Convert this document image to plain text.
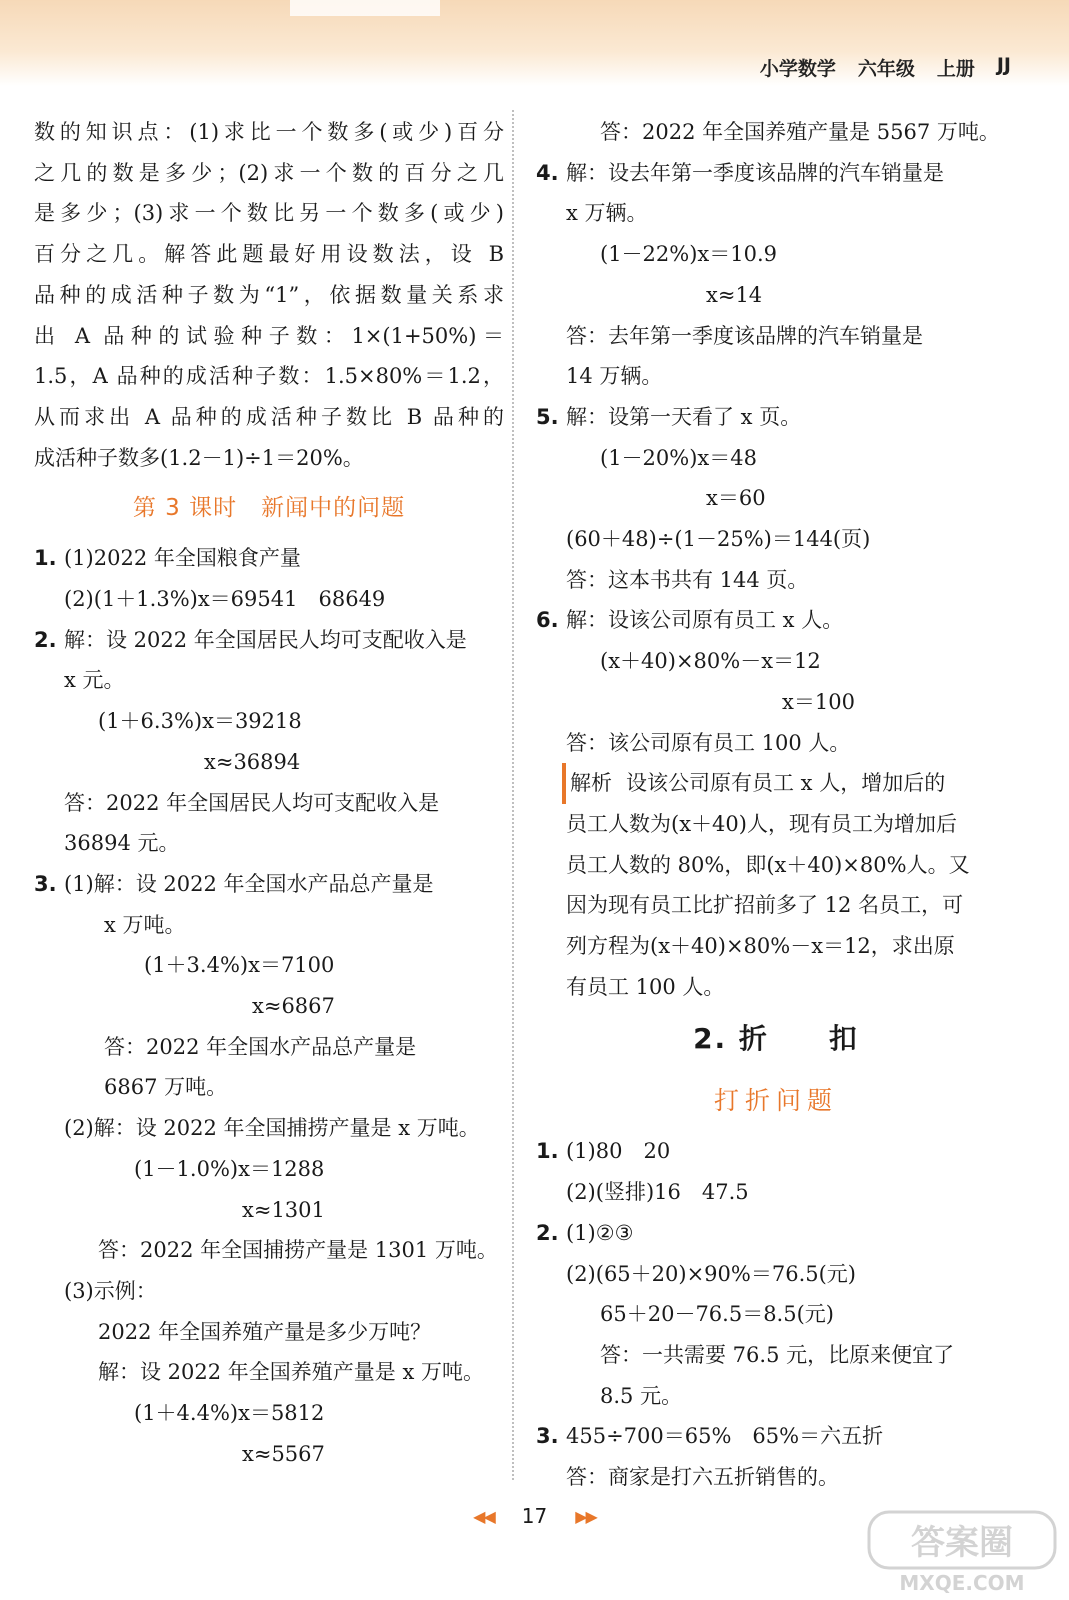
小学数学 六年级 上册 JJ
数的知识点：(1)求比一个数多(或少)百分
之几的数是多少；(2)求一个数的百分之几
是多少；(3)求一个数比另一个数多(或少)
百分之几。解答此题最好用设数法，设 B
品种的成活种子数为“1”，依据数量关系求
出 A 品种的试验种子数：1×(1+50%)＝
1.5，A 品种的成活种子数：1.5×80%＝1.2，
从而求出 A 品种的成活种子数比 B 品种的
成活种子数多(1.2－1)÷1＝20%。
第 3 课时　新闻中的问题
1. (1)2022 年全国粮食产量
(2)(1＋1.3%)x＝69541　68649
2. 解：设 2022 年全国居民人均可支配收入是
x 元。
(1＋6.3%)x＝39218
x≈36894
答：2022 年全国居民人均可支配收入是
36894 元。
3. (1)解：设 2022 年全国水产品总产量是
x 万吨。
(1＋3.4%)x＝7100
x≈6867
答：2022 年全国水产品总产量是
6867 万吨。
(2)解：设 2022 年全国捕捞产量是 x 万吨。
(1－1.0%)x＝1288
x≈1301
答：2022 年全国捕捞产量是 1301 万吨。
(3)示例：
2022 年全国养殖产量是多少万吨？
解：设 2022 年全国养殖产量是 x 万吨。
(1＋4.4%)x＝5812
x≈5567
答：2022 年全国养殖产量是 5567 万吨。
4. 解：设去年第一季度该品牌的汽车销量是
x 万辆。
(1－22%)x＝10.9
x≈14
答：去年第一季度该品牌的汽车销量是
14 万辆。
5. 解：设第一天看了 x 页。
(1－20%)x＝48
x＝60
(60＋48)÷(1－25%)＝144(页)
答：这本书共有 144 页。
6. 解：设该公司原有员工 x 人。
(x＋40)×80%－x＝12
x＝100
答：该公司原有员工 100 人。
解析 设该公司原有员工 x 人，增加后的
员工人数为(x＋40)人，现有员工为增加后
员工人数的 80%，即(x＋40)×80%人。又
因为现有员工比扩招前多了 12 名员工，可
列方程为(x＋40)×80%－x＝12，求出原
有员工 100 人。
2. 折　　扣
打折问题
1. (1)80　20
(2)(竖排)16　47.5
2. (1)②③
(2)(65＋20)×90%＝76.5(元)
65＋20－76.5＝8.5(元)
答：一共需要 76.5 元，比原来便宜了
8.5 元。
3. 455÷700＝65%　65%＝六五折
答：商家是打六五折销售的。
◀◀ 17 ▶▶
答案圈
MXQE.COM
